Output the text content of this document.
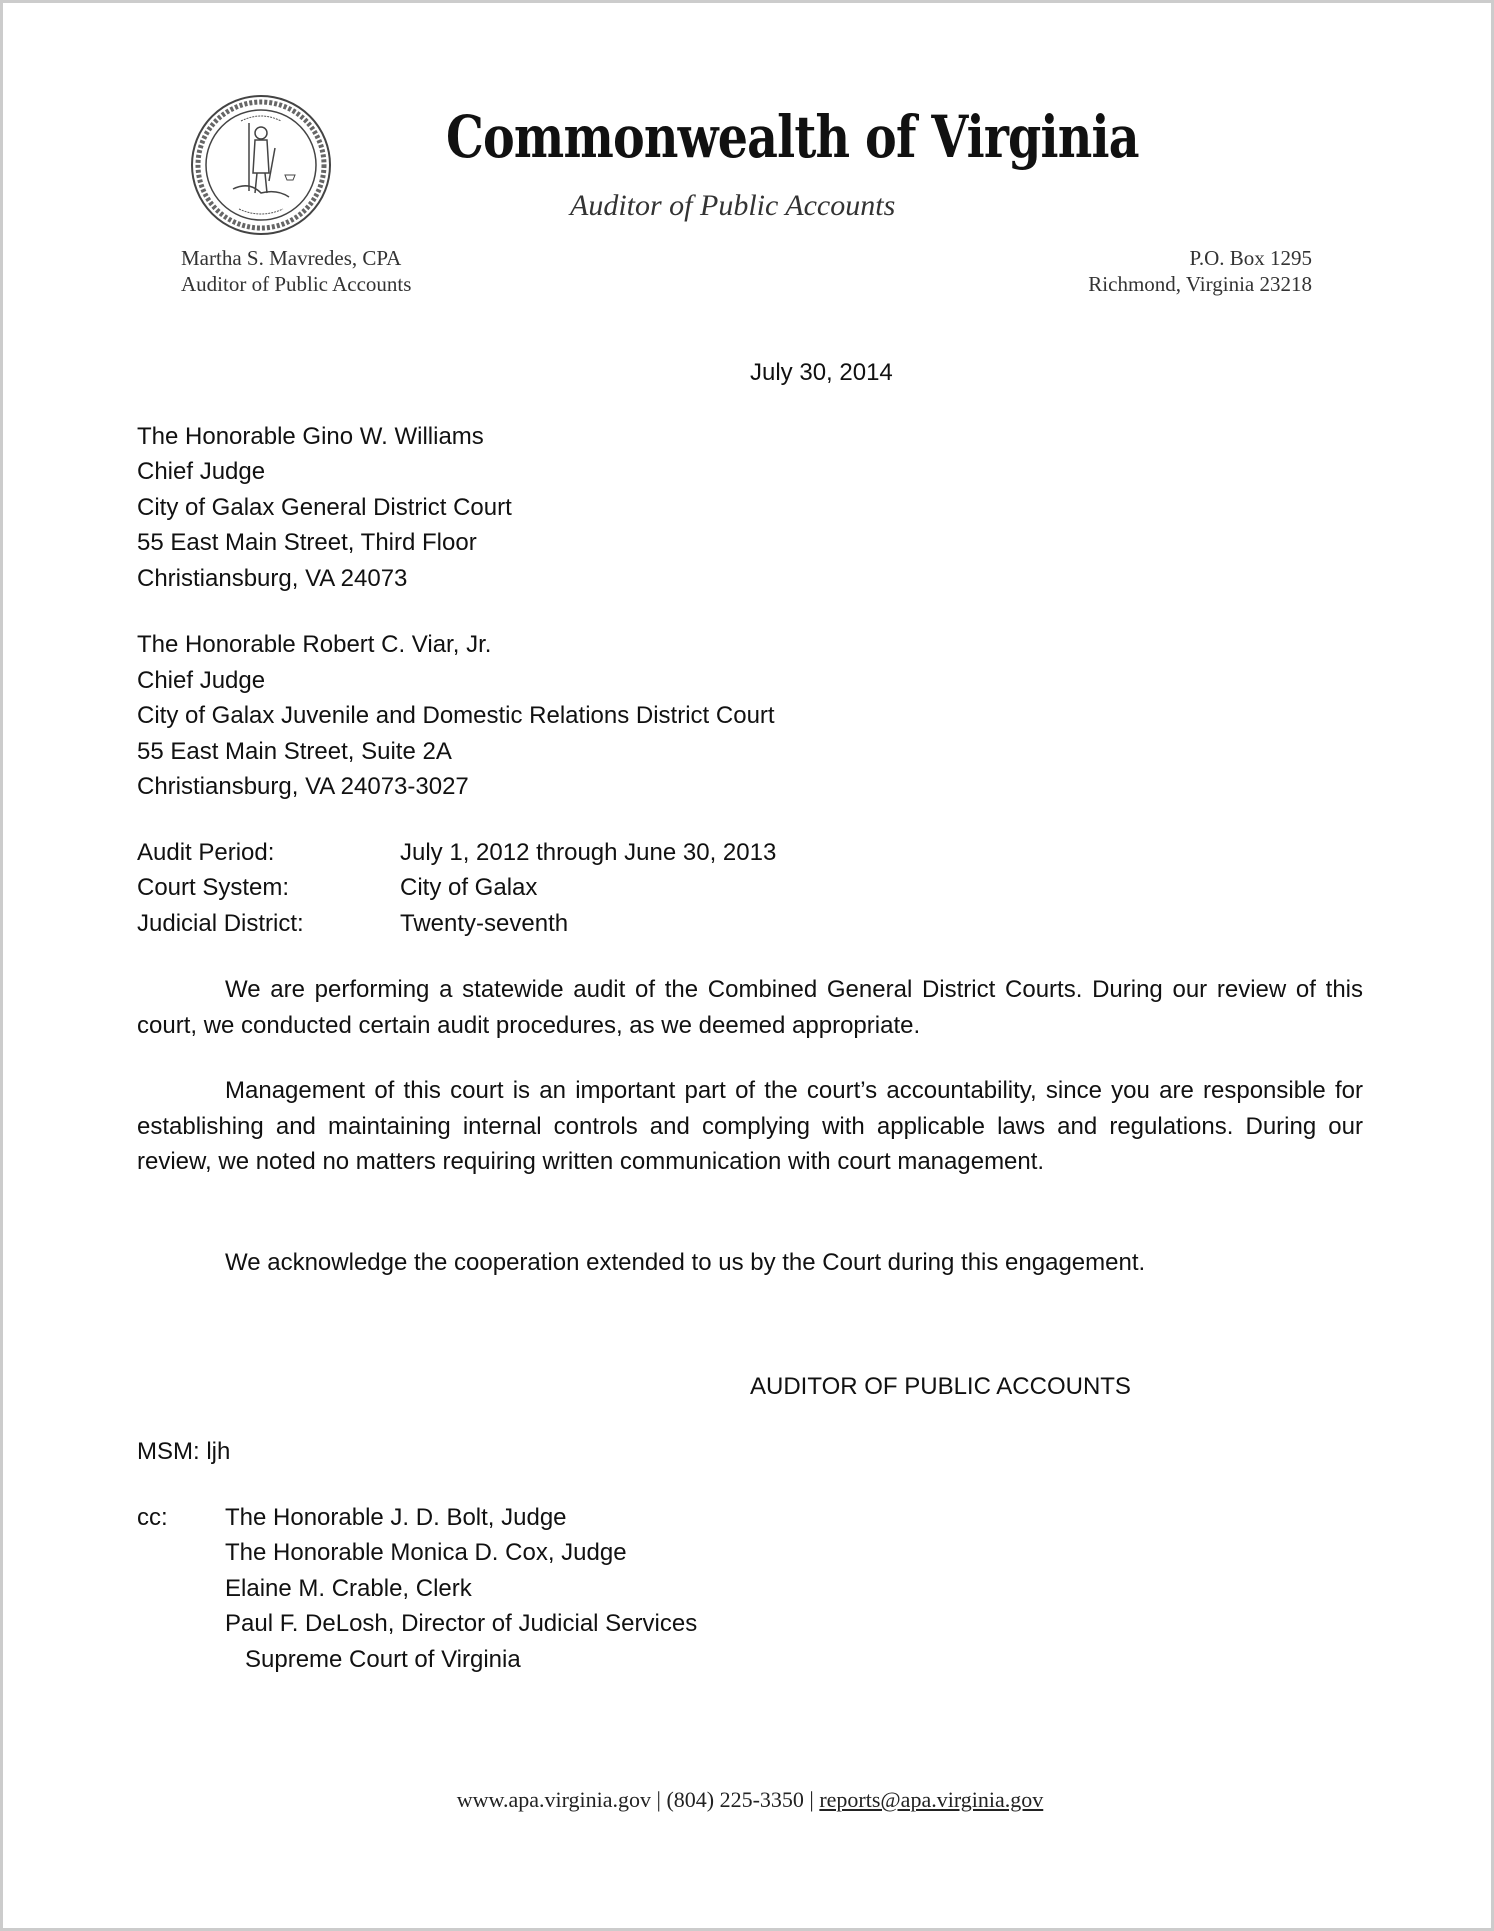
Commonwealth of Virginia
Auditor of Public Accounts
Martha S. Mavredes, CPA
Auditor of Public Accounts
P.O. Box 1295
Richmond, Virginia 23218
July 30, 2014
The Honorable Gino W. Williams
Chief Judge
City of Galax General District Court
55 East Main Street, Third Floor
Christiansburg, VA 24073
The Honorable Robert C. Viar, Jr.
Chief Judge
City of Galax Juvenile and Domestic Relations District Court
55 East Main Street, Suite 2A
Christiansburg, VA 24073-3027
Audit Period:	July 1, 2012 through June 30, 2013
Court System:	City of Galax
Judicial District:	Twenty-seventh
We are performing a statewide audit of the Combined General District Courts. During our review of this court, we conducted certain audit procedures, as we deemed appropriate.
Management of this court is an important part of the court’s accountability, since you are responsible for establishing and maintaining internal controls and complying with applicable laws and regulations. During our review, we noted no matters requiring written communication with court management.
We acknowledge the cooperation extended to us by the Court during this engagement.
AUDITOR OF PUBLIC ACCOUNTS
MSM: ljh
cc: The Honorable J. D. Bolt, Judge
The Honorable Monica D. Cox, Judge
Elaine M. Crable, Clerk
Paul F. DeLosh, Director of Judicial Services
Supreme Court of Virginia
www.apa.virginia.gov | (804) 225-3350 | reports@apa.virginia.gov
